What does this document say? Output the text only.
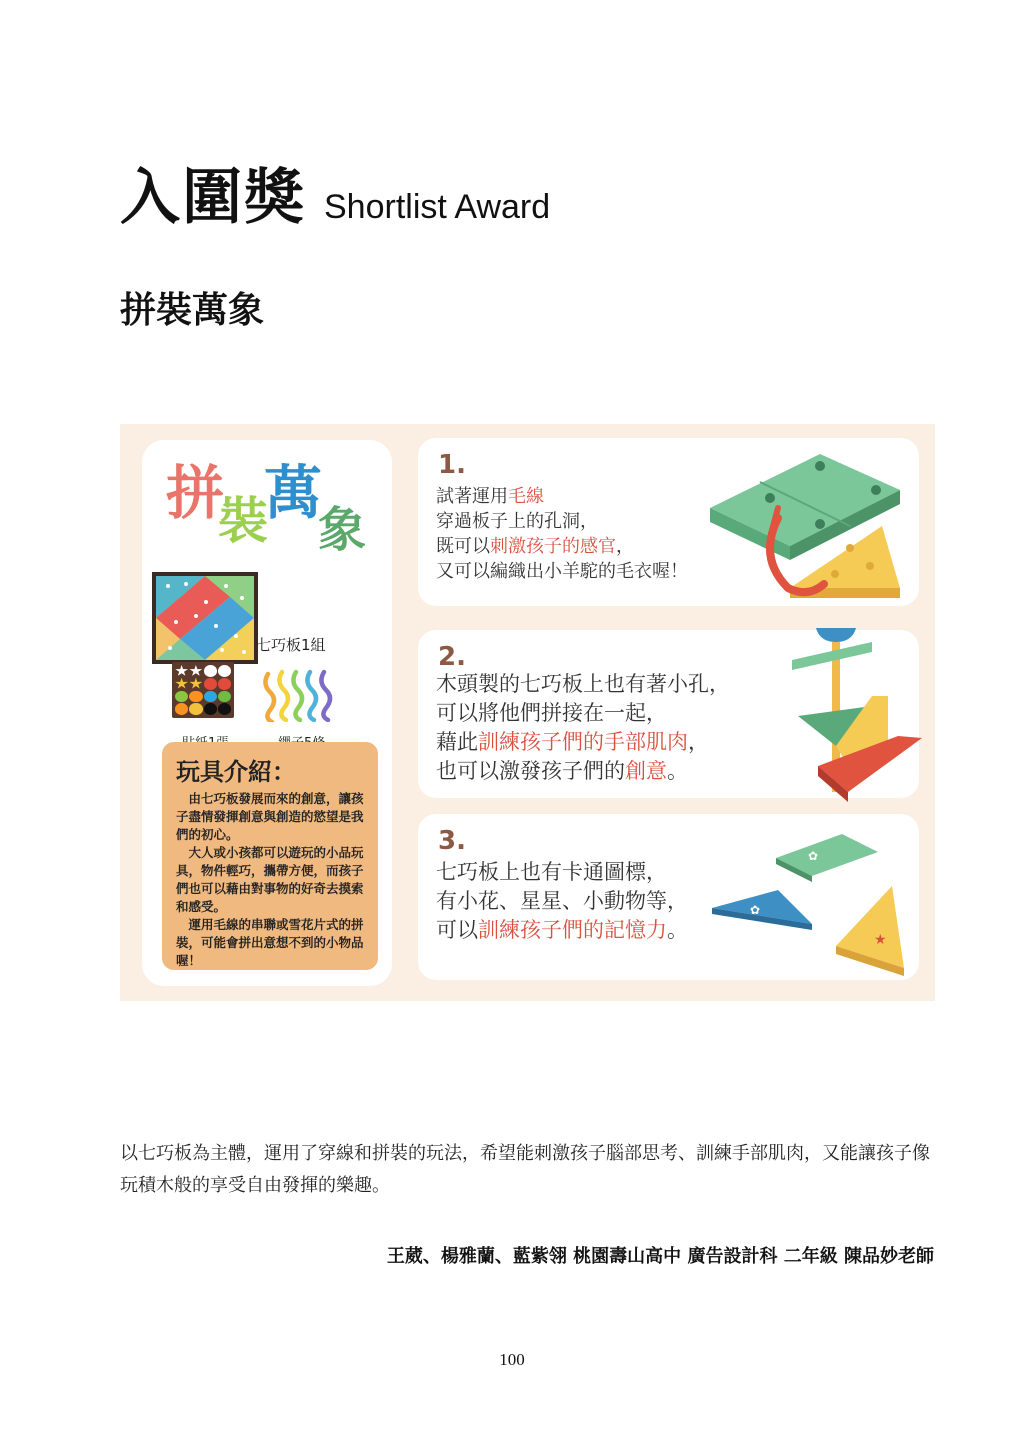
入圍獎 Shortlist Award
拼裝萬象
拼
裝
萬
象
七巧板1組
玩具介紹：

　由七巧板發展而來的創意，讓孩子盡情發揮創意與創造的慾望是我們的初心。

　大人或小孩都可以遊玩的小品玩具，物件輕巧，攜帶方便，而孩子們也可以藉由對事物的好奇去摸索和感受。

　運用毛線的串聯或雪花片式的拼裝，可能會拼出意想不到的小物品喔！

1.
試著運用毛線
穿過板子上的孔洞，
既可以刺激孩子的感官，
又可以編織出小羊駝的毛衣喔！
2.
木頭製的七巧板上也有著小孔，
可以將他們拼接在一起，
藉此訓練孩子們的手部肌肉，
也可以激發孩子們的創意。
3.
七巧板上也有卡通圖標，
有小花、星星、小動物等，
可以訓練孩子們的記憶力。
✿
✿
★
以七巧板為主體，運用了穿線和拼裝的玩法，希望能刺激孩子腦部思考、訓練手部肌肉，又能讓孩子像玩積木般的享受自由發揮的樂趣。
王葳、楊雅蘭、藍紫翎 桃園壽山高中 廣告設計科 二年級 陳品妙老師
100
